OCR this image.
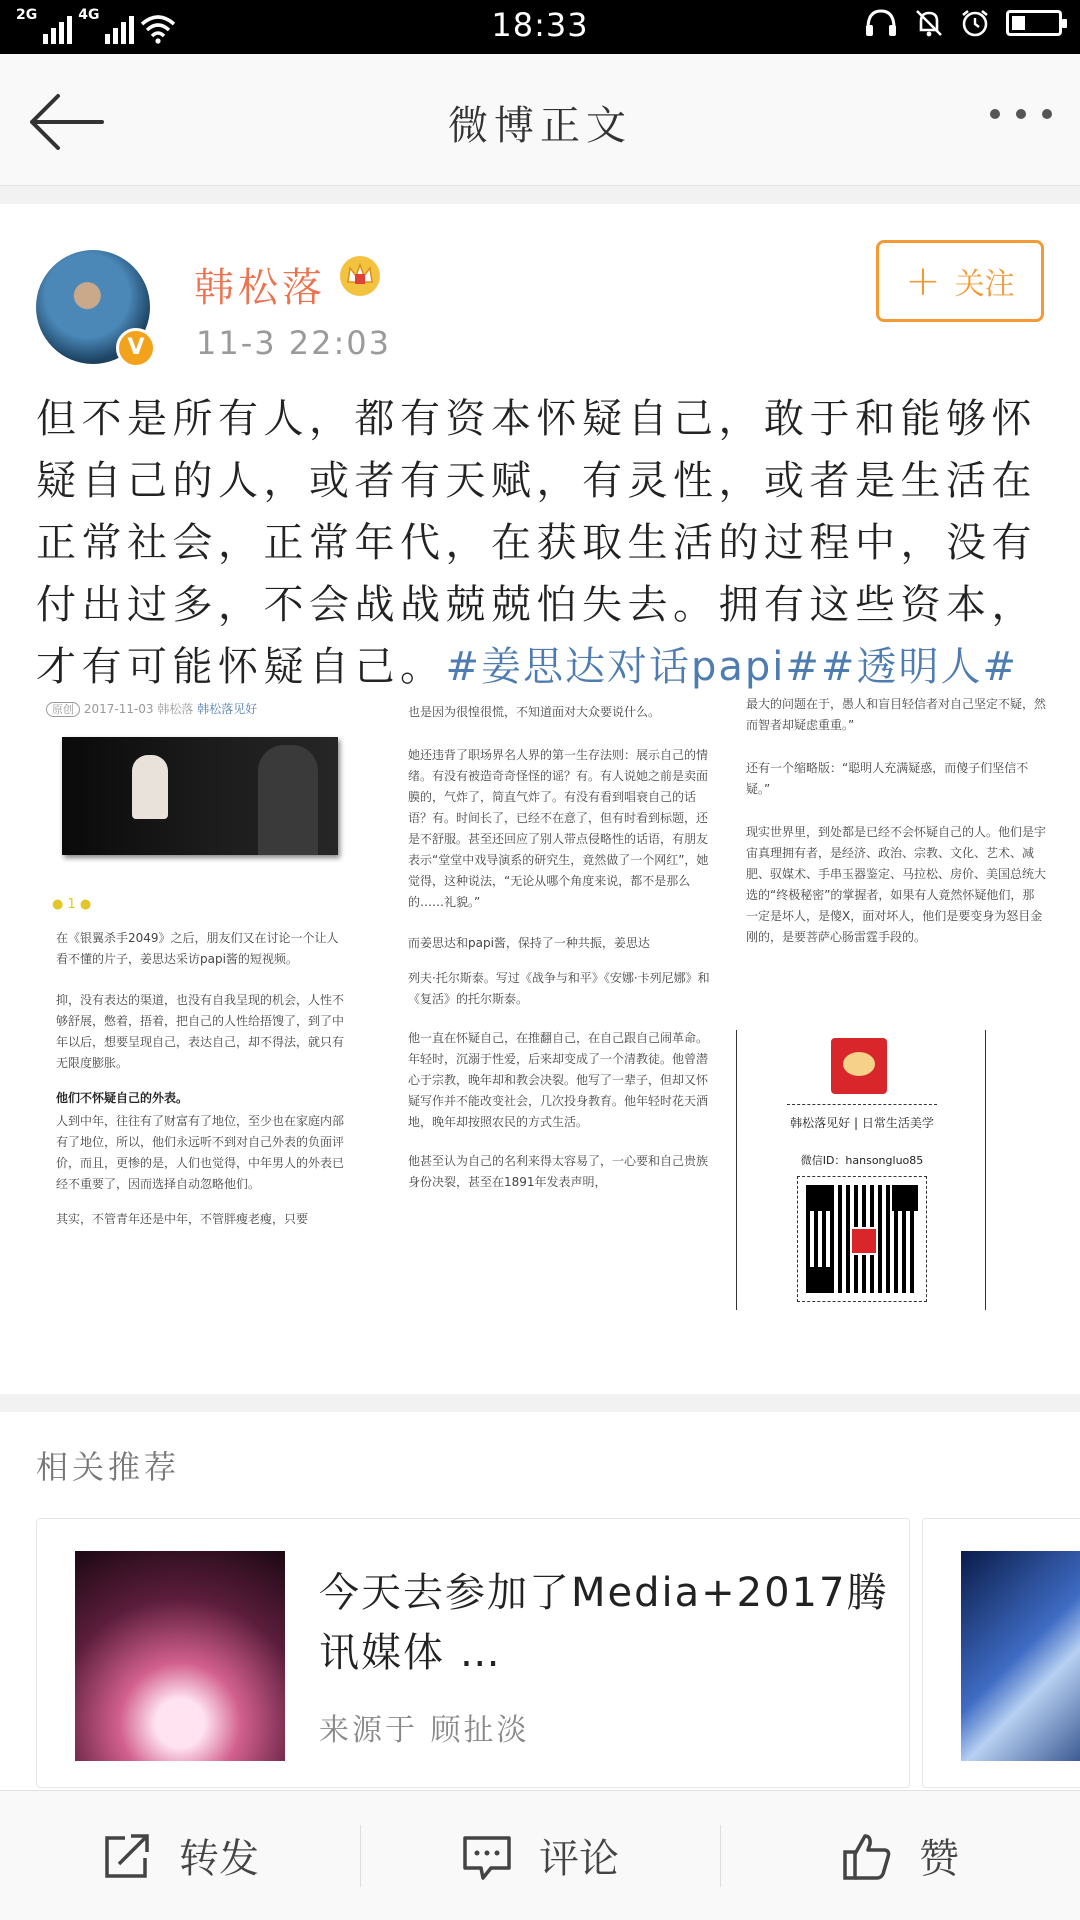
2G	4G	18:33
微博正文
V
韩松落
11-3 22:03
+ 关注
但不是所有人，都有资本怀疑自己，敢于和能够怀疑自己的人，或者有天赋，有灵性，或者是生活在正常社会，正常年代，在获取生活的过程中，没有付出过多，不会战战兢兢怕失去。拥有这些资本，才有可能怀疑自己。#姜思达对话papi##透明人#
原创 2017-11-03 韩松落 韩松落见好
● 1 ●
在《银翼杀手2049》之后，朋友们又在讨论一个让人看不懂的片子，姜思达采访papi酱的短视频。
抑，没有表达的渠道，也没有自我呈现的机会，人性不够舒展，憋着，捂着，把自己的人性给捂馊了，到了中年以后，想要呈现自己，表达自己，却不得法，就只有无限度膨胀。
他们不怀疑自己的外表。
人到中年，往往有了财富有了地位，至少也在家庭内部有了地位，所以，他们永远听不到对自己外表的负面评价，而且，更惨的是，人们也觉得，中年男人的外表已经不重要了，因而选择自动忽略他们。
其实，不管青年还是中年，不管胖瘦老瘦，只要
也是因为很惶很慌，不知道面对大众要说什么。
她还违背了职场界名人界的第一生存法则：展示自己的情绪。有没有被造奇奇怪怪的谣？有。有人说她之前是卖面膜的，气炸了，简直气炸了。有没有看到唱衰自己的话语？有。时间长了，已经不在意了，但有时看到标题，还是不舒服。甚至还回应了别人带点侵略性的话语，有朋友表示“堂堂中戏导演系的研究生，竟然做了一个网红”，她觉得，这种说法，“无论从哪个角度来说，都不是那么的……礼貌。”
而姜思达和papi酱，保持了一种共振，姜思达
列夫·托尔斯泰。写过《战争与和平》《安娜·卡列尼娜》和《复活》的托尔斯泰。
他一直在怀疑自己，在推翻自己，在自己跟自己闹革命。年轻时，沉溺于性爱，后来却变成了一个清教徒。他曾潜心于宗教，晚年却和教会决裂。他写了一辈子，但却又怀疑写作并不能改变社会，几次投身教育。他年轻时花天酒地，晚年却按照农民的方式生活。
他甚至认为自己的名利来得太容易了，一心要和自己贵族身份决裂，甚至在1891年发表声明，
最大的问题在于，愚人和盲目轻信者对自己坚定不疑，然而智者却疑虑重重。”
还有一个缩略版：“聪明人充满疑惑，而傻子们坚信不疑。”
现实世界里，到处都是已经不会怀疑自己的人。他们是宇宙真理拥有者，是经济、政治、宗教、文化、艺术、减肥、驭媒术、手串玉器鉴定、马拉松、房价、美国总统大选的“终极秘密”的掌握者，如果有人竟然怀疑他们，那一定是坏人，是傻X，面对坏人，他们是要变身为怒目金刚的，是要菩萨心肠雷霆手段的。
韩松落见好 | 日常生活美学
微信ID：hansongluo85
相关推荐
今天去参加了Media+2017腾讯媒体 …
来源于 顾扯淡
转发	评论	赞
